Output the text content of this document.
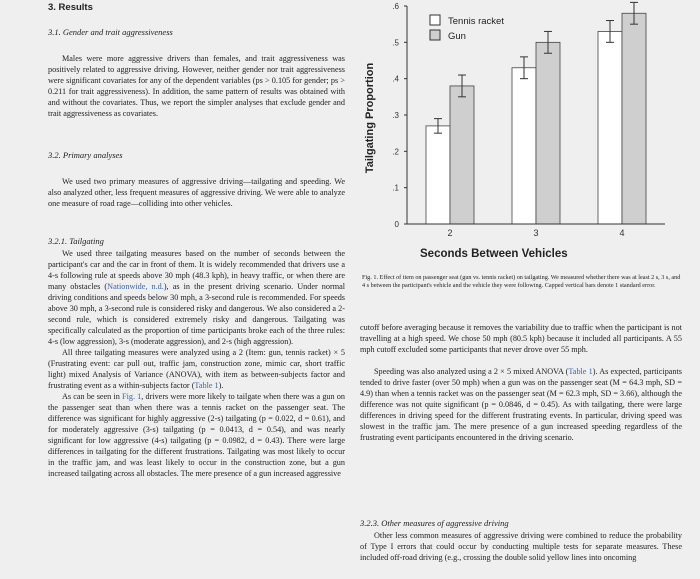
3. Results
3.1. Gender and trait aggressiveness
Males were more aggressive drivers than females, and trait aggressiveness was positively related to aggressive driving. However, neither gender nor trait aggressiveness were significant covariates for any of the dependent variables (ps > 0.105 for gender; ps > 0.211 for trait aggressiveness). In addition, the same pattern of results was obtained with and without the covariates. Thus, we report the simpler analyses that exclude gender and trait aggressiveness as covariates.
3.2. Primary analyses
We used two primary measures of aggressive driving—tailgating and speeding. We also analyzed other, less frequent measures of aggressive driving. We were able to analyze one measure of road rage—colliding into other vehicles.
3.2.1. Tailgating
We used three tailgating measures based on the number of seconds between the participant's car and the car in front of them. It is widely recommended that drivers use a 4-s following rule at speeds above 30 mph (48.3 kph), in heavy traffic, or when there are many obstacles (Nationwide, n.d.), as in the present driving scenario. Under normal driving conditions and speeds below 30 mph, a 3-second rule is recommended. For speeds above 30 mph, a 3-second rule is considered risky and dangerous. We also considered a 2-second rule, which is considered extremely risky and dangerous. Tailgating was specifically calculated as the proportion of time participants broke each of the three rules: 4-s (low aggression), 3-s (moderate aggression), and 2-s (high aggression).
All three tailgating measures were analyzed using a 2 (Item: gun, tennis racket) × 5 (Frustrating event: car pull out, traffic jam, construction zone, mimic car, short traffic light) mixed Analysis of Variance (ANOVA), with item as between-subjects factor and frustrating event as a within-subjects factor (Table 1).
As can be seen in Fig. 1, drivers were more likely to tailgate when there was a gun on the passenger seat than when there was a tennis racket on the passenger seat. The difference was significant for highly aggressive (2-s) tailgating (p = 0.022, d = 0.61), and for moderately aggressive (3-s) tailgating (p = 0.0413, d = 0.54), and was nearly significant for low aggressive (4-s) tailgating (p = 0.0982, d = 0.43). There were large differences in tailgating for the different frustrations. Tailgating was most likely to occur in the traffic jam, and was least likely to occur in the construction zone, but a gun increased tailgating across all obstacles. The mere presence of a gun increased aggressive
Tailgating Proportion
0
.1
.2
.3
.4
.5
.6
2	3	4
Tennis racket
Gun
Seconds Between Vehicles
Fig. 1. Effect of item on passenger seat (gun vs. tennis racket) on tailgating. We measured whether there was at least 2 s, 3 s, and 4 s between the participant's vehicle and the vehicle they were following. Capped vertical bars denote 1 standard error.
cutoff before averaging because it removes the variability due to traffic when the participant is not travelling at a high speed. We chose 50 mph (80.5 kph) because it included all participants. A 55 mph cutoff excluded some participants that never drove over 55 mph.
Speeding was also analyzed using a 2 × 5 mixed ANOVA (Table 1). As expected, participants tended to drive faster (over 50 mph) when a gun was on the passenger seat (M = 64.3 mph, SD = 4.9) than when a tennis racket was on the passenger seat (M = 62.3 mph, SD = 3.66), although the difference was not quite significant (p = 0.0846, d = 0.45). As with tailgating, there were large differences in driving speed for the different frustrating events. In particular, driving speed was slowest in the traffic jam. The mere presence of a gun increased speeding regardless of the frustrating event participants encountered in the driving scenario.
3.2.3. Other measures of aggressive driving
Other less common measures of aggressive driving were combined to reduce the probability of Type I errors that could occur by conducting multiple tests for separate measures. These included off-road driving (e.g., crossing the double solid yellow lines into oncoming
